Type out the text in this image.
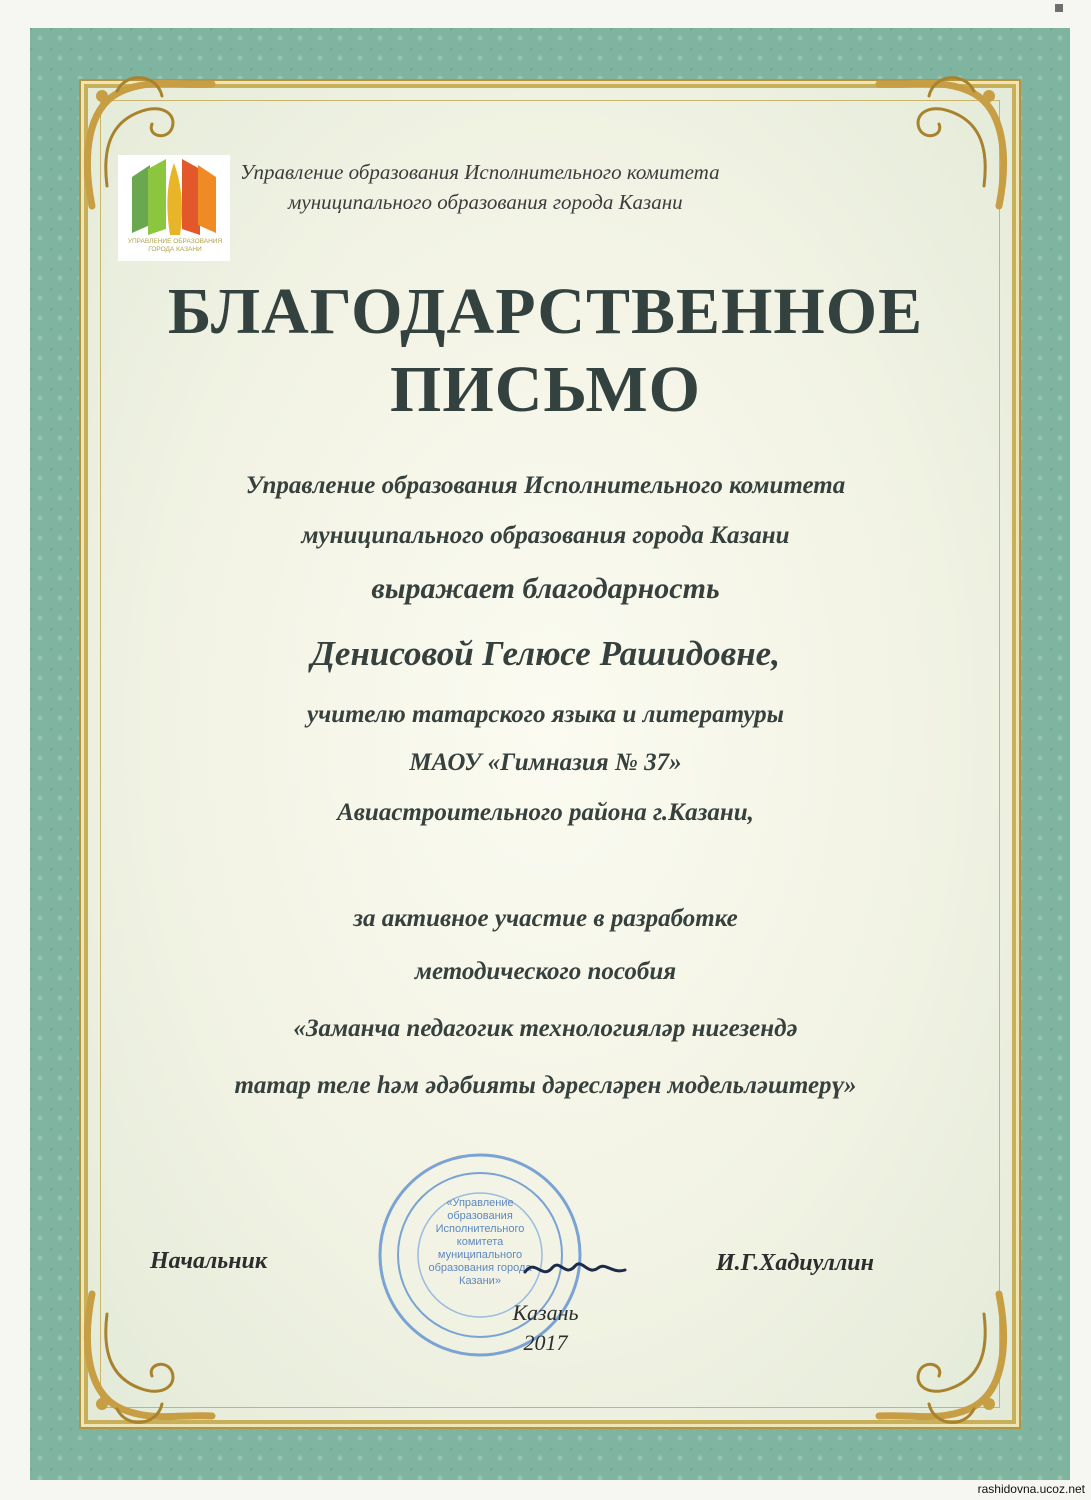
УПРАВЛЕНИЕ ОБРАЗОВАНИЯ ГОРОДА КАЗАНИ
Управление образования Исполнительного комитета
муниципального образования города Казани
БЛАГОДАРСТВЕННОЕ
ПИСЬМО
Управление образования Исполнительного комитета
муниципального образования города Казани
выражает благодарность
Денисовой Гелюсе Рашидовне,
учителю татарского языка и литературы
МАОУ «Гимназия № 37»
Авиастроительного района г.Казани,
за активное участие в разработке
методического пособия
«Заманча педагогик технологияләр нигезендә
татар теле һәм әдәбияты дәресләрен модельләштерү»
«Управление образования Исполнительного комитета муниципального образования города Казани»
Начальник	И.Г.Хадиуллин
Казань
2017
rashidovna.ucoz.net
